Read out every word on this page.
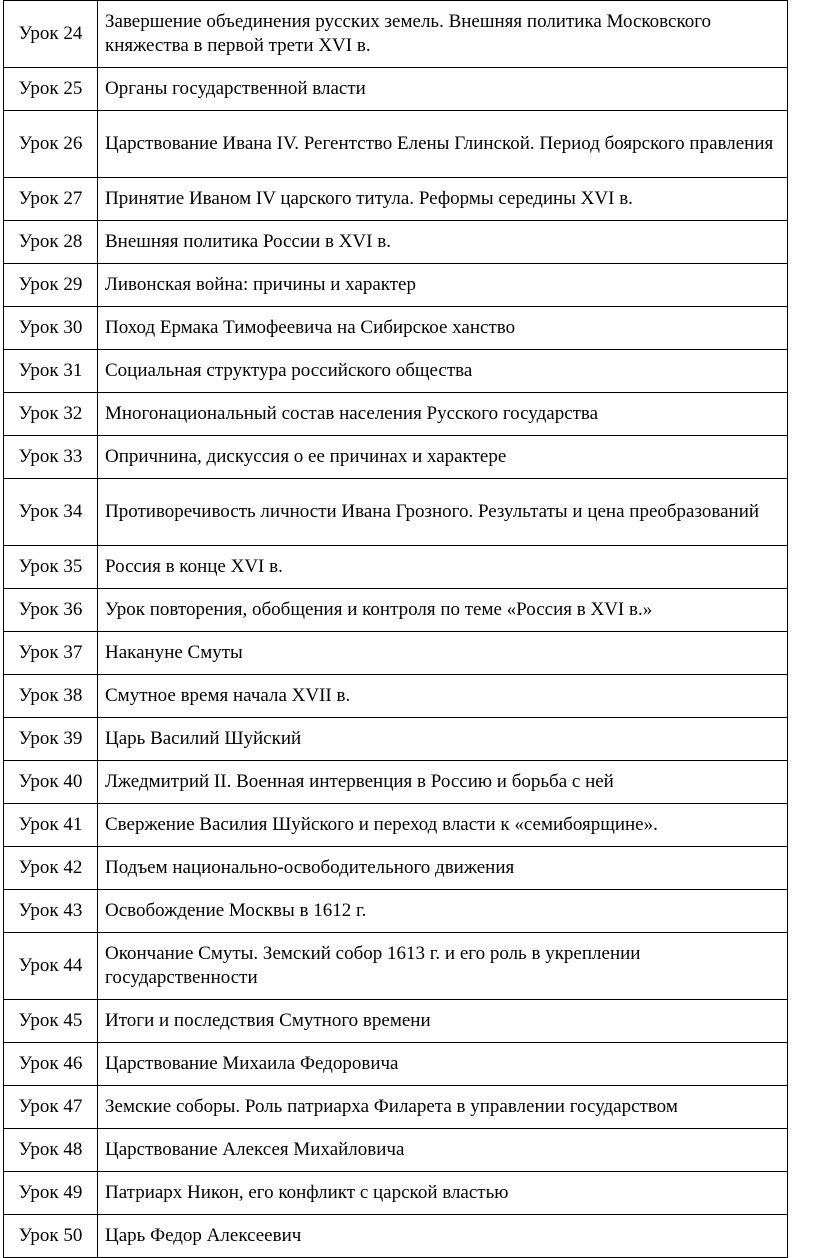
Урок 24	Завершение объединения русских земель. Внешняя политика Московского княжества в первой трети XVI в.
Урок 25	Органы государственной власти
Урок 26	Царствование Ивана IV. Регентство Елены Глинской. Период боярского правления
Урок 27	Принятие Иваном IV царского титула. Реформы середины XVI в.
Урок 28	Внешняя политика России в XVI в.
Урок 29	Ливонская война: причины и характер
Урок 30	Поход Ермака Тимофеевича на Сибирское ханство
Урок 31	Социальная структура российского общества
Урок 32	Многонациональный состав населения Русского государства
Урок 33	Опричнина, дискуссия о ее причинах и характере
Урок 34	Противоречивость личности Ивана Грозного. Результаты и цена преобразований
Урок 35	Россия в конце XVI в.
Урок 36	Урок повторения, обобщения и контроля по теме «Россия в XVI в.»
Урок 37	Накануне Смуты
Урок 38	Смутное время начала XVII в.
Урок 39	Царь Василий Шуйский
Урок 40	Лжедмитрий II. Военная интервенция в Россию и борьба с ней
Урок 41	Свержение Василия Шуйского и переход власти к «семибоярщине».
Урок 42	Подъем национально-освободительного движения
Урок 43	Освобождение Москвы в 1612 г.
Урок 44	Окончание Смуты. Земский собор 1613 г. и его роль в укреплении государственности
Урок 45	Итоги и последствия Смутного времени
Урок 46	Царствование Михаила Федоровича
Урок 47	Земские соборы. Роль патриарха Филарета в управлении государством
Урок 48	Царствование Алексея Михайловича
Урок 49	Патриарх Никон, его конфликт с царской властью
Урок 50	Царь Федор Алексеевич
